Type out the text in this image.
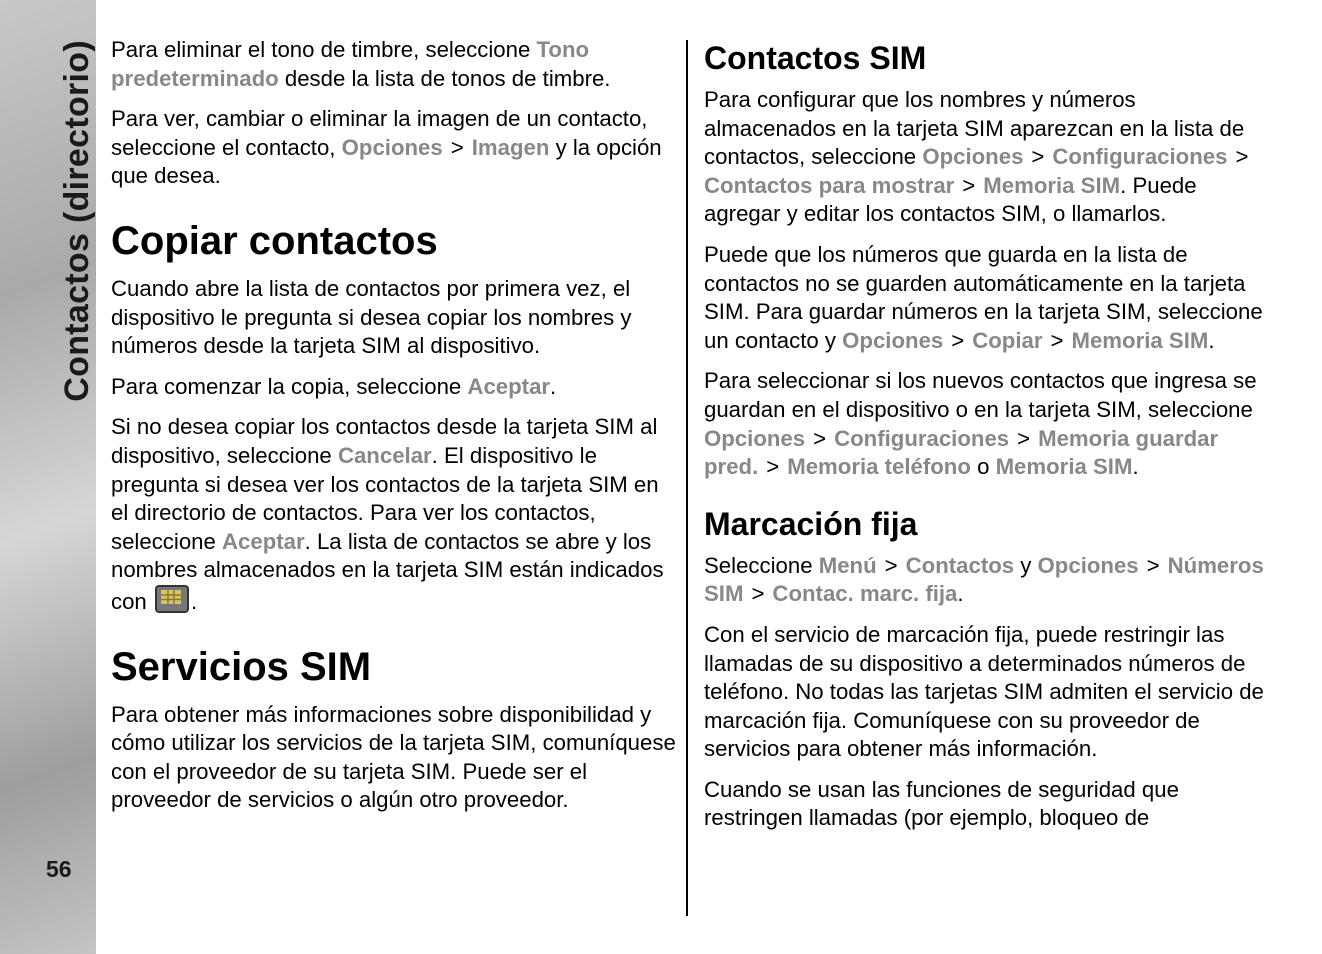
Contactos (directorio)
56

Para eliminar el tono de timbre, seleccione Tono predeterminado desde la lista de tonos de timbre.

Para ver, cambiar o eliminar la imagen de un contacto, seleccione el contacto, Opciones > Imagen y la opción que desea.

Copiar contactos

Cuando abre la lista de contactos por primera vez, el dispositivo le pregunta si desea copiar los nombres y números desde la tarjeta SIM al dispositivo.

Para comenzar la copia, seleccione Aceptar.

Si no desea copiar los contactos desde la tarjeta SIM al dispositivo, seleccione Cancelar. El dispositivo le pregunta si desea ver los contactos de la tarjeta SIM en el directorio de contactos. Para ver los contactos, seleccione Aceptar. La lista de contactos se abre y los nombres almacenados en la tarjeta SIM están indicados con
.

Servicios SIM

Para obtener más informaciones sobre disponibilidad y cómo utilizar los servicios de la tarjeta SIM, comuníquese con el proveedor de su tarjeta SIM. Puede ser el proveedor de servicios o algún otro proveedor.

Contactos SIM

Para configurar que los nombres y números almacenados en la tarjeta SIM aparezcan en la lista de contactos, seleccione Opciones > Configuraciones >Contactos para mostrar > Memoria SIM. Puede agregar y editar los contactos SIM, o llamarlos.

Puede que los números que guarda en la lista de contactos no se guarden automáticamente en la tarjeta SIM. Para guardar números en la tarjeta SIM, seleccione un contacto y Opciones > Copiar > Memoria SIM.

Para seleccionar si los nuevos contactos que ingresa se guardan en el dispositivo o en la tarjeta SIM, seleccione Opciones > Configuraciones > Memoria guardar pred. > Memoria teléfono o Memoria SIM.

Marcación fija

Seleccione Menú > Contactos y Opciones > Números SIM > Contac. marc. fija.

Con el servicio de marcación fija, puede restringir las llamadas de su dispositivo a determinados números de teléfono. No todas las tarjetas SIM admiten el servicio de marcación fija. Comuníquese con su proveedor de servicios para obtener más información.

Cuando se usan las funciones de seguridad que restringen llamadas (por ejemplo, bloqueo de
